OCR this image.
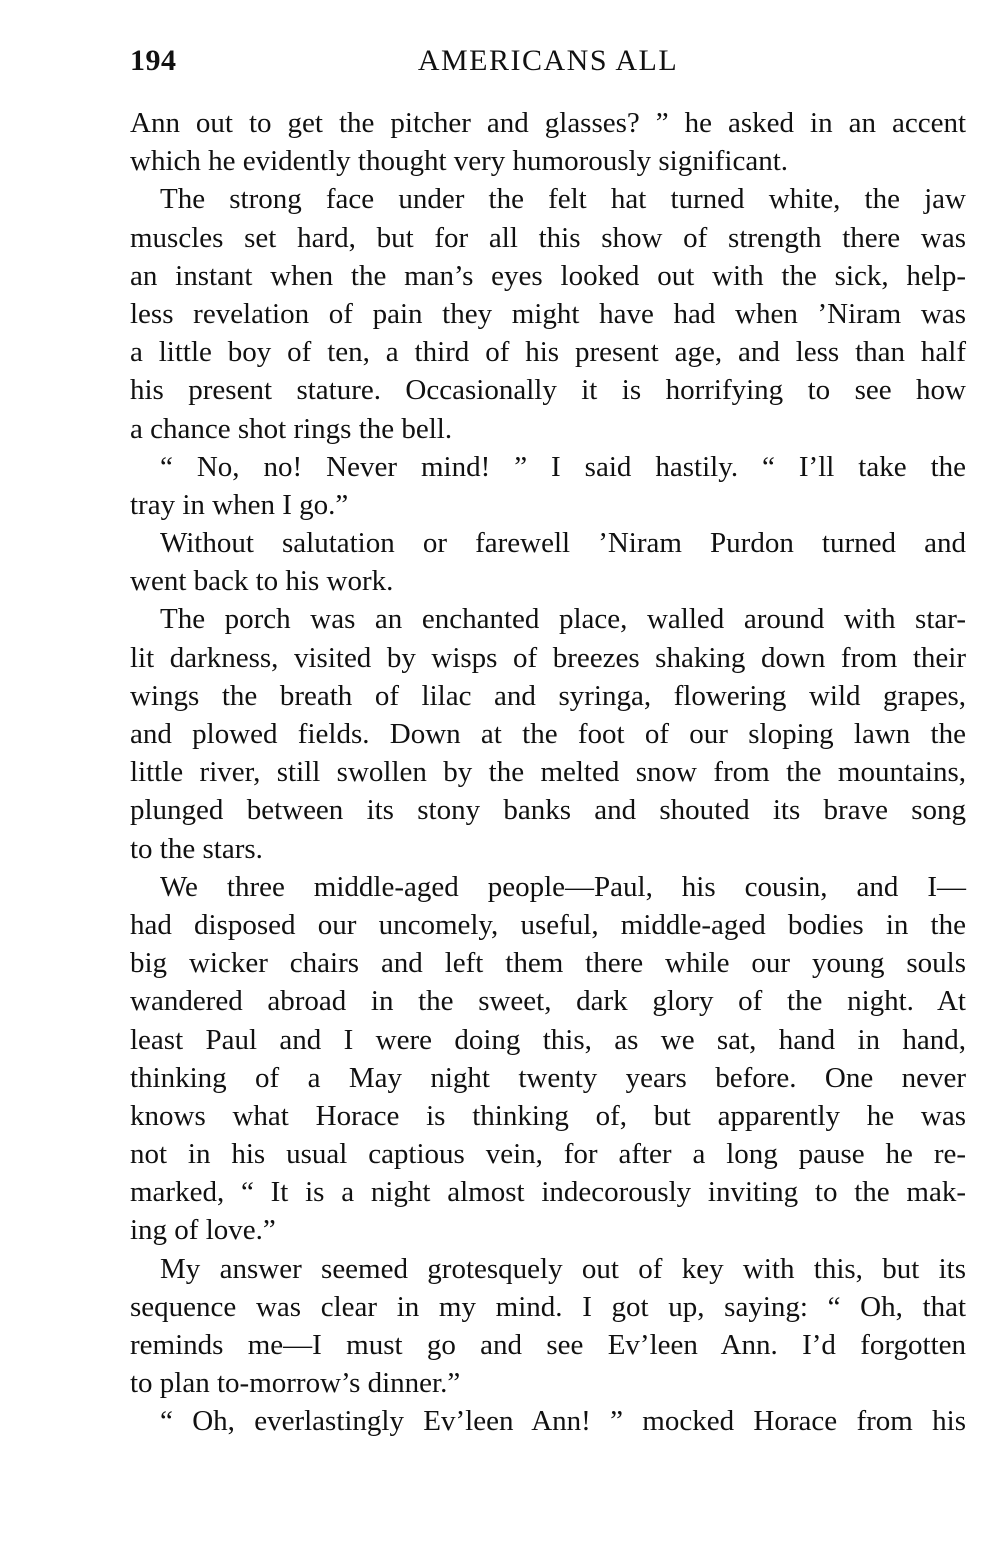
194	AMERICANS ALL
Ann out to get the pitcher and glasses? ” he asked in an accent
which he evidently thought very humorously significant.
The strong face under the felt hat turned white, the jaw
muscles set hard, but for all this show of strength there was
an instant when the man’s eyes looked out with the sick, help-
less revelation of pain they might have had when ’Niram was
a little boy of ten, a third of his present age, and less than half
his present stature. Occasionally it is horrifying to see how
a chance shot rings the bell.
“ No, no! Never mind! ” I said hastily. “ I’ll take the
tray in when I go.”
Without salutation or farewell ’Niram Purdon turned and
went back to his work.
The porch was an enchanted place, walled around with star-
lit darkness, visited by wisps of breezes shaking down from their
wings the breath of lilac and syringa, flowering wild grapes,
and plowed fields. Down at the foot of our sloping lawn the
little river, still swollen by the melted snow from the mountains,
plunged between its stony banks and shouted its brave song
to the stars.
We three middle-aged people—Paul, his cousin, and I—
had disposed our uncomely, useful, middle-aged bodies in the
big wicker chairs and left them there while our young souls
wandered abroad in the sweet, dark glory of the night. At
least Paul and I were doing this, as we sat, hand in hand,
thinking of a May night twenty years before. One never
knows what Horace is thinking of, but apparently he was
not in his usual captious vein, for after a long pause he re-
marked, “ It is a night almost indecorously inviting to the mak-
ing of love.”
My answer seemed grotesquely out of key with this, but its
sequence was clear in my mind. I got up, saying: “ Oh, that
reminds me—I must go and see Ev’leen Ann. I’d forgotten
to plan to-morrow’s dinner.”
“ Oh, everlastingly Ev’leen Ann! ” mocked Horace from his
